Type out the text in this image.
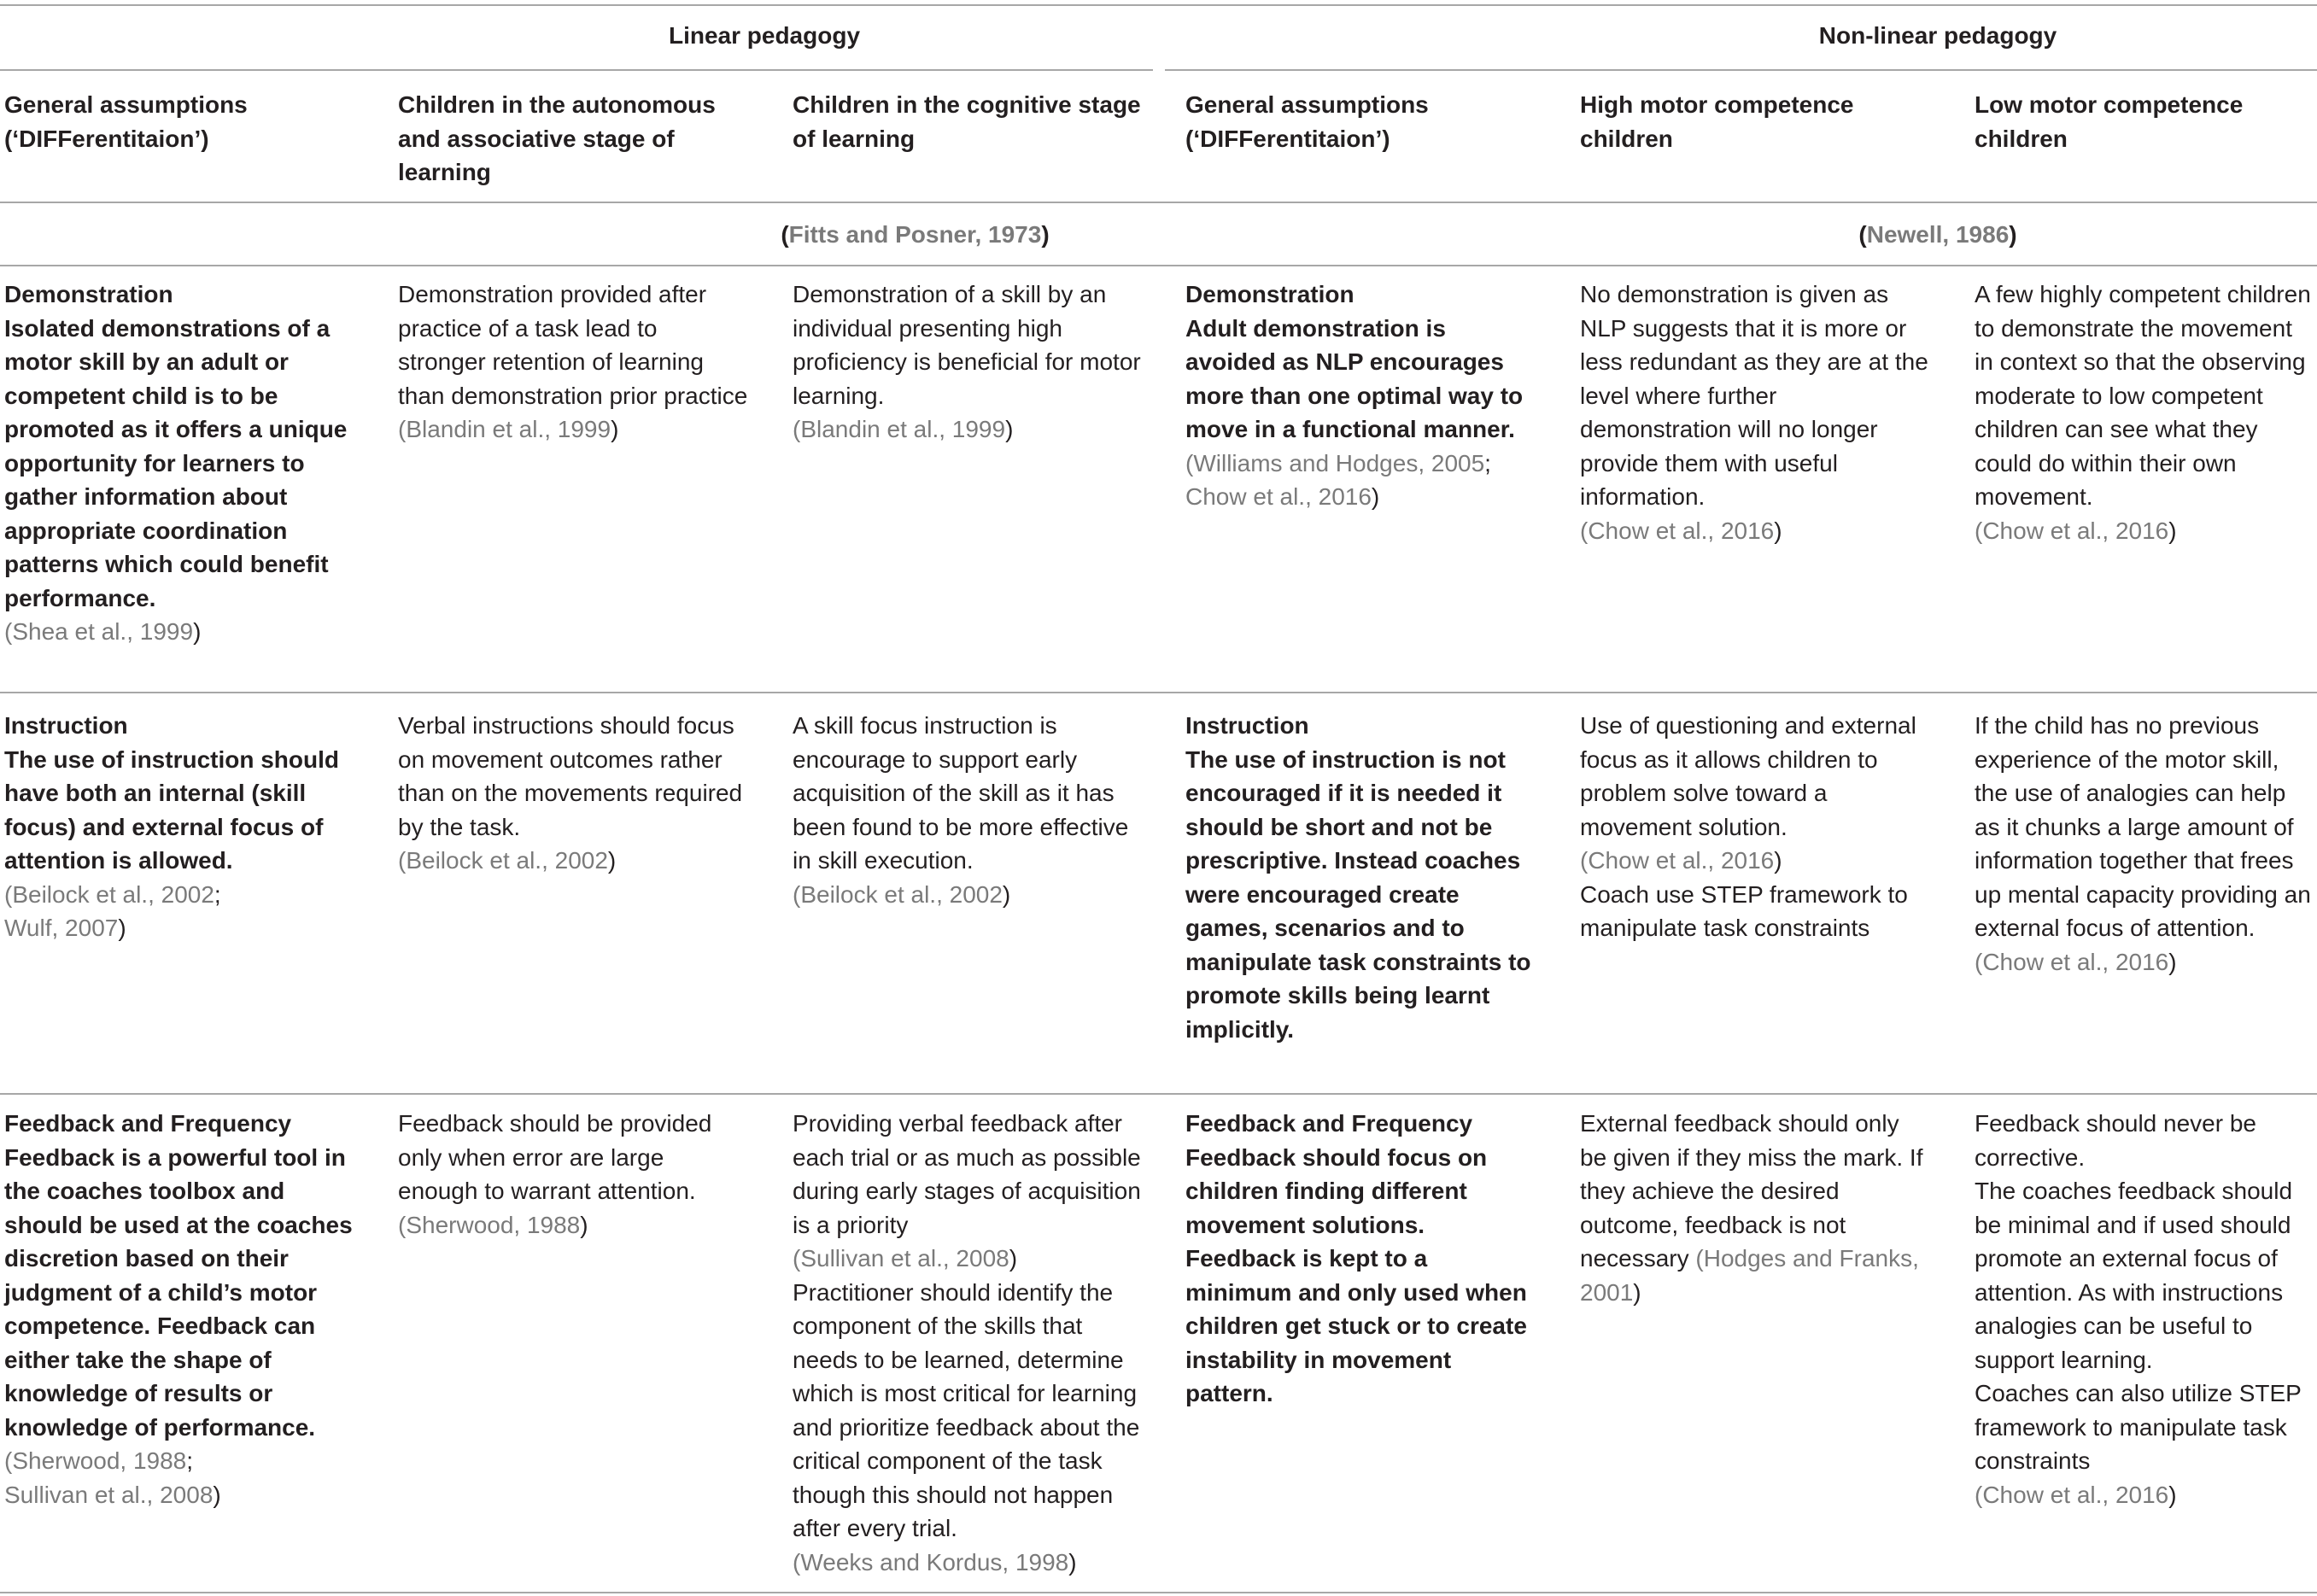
Linear pedagogy	Non-linear pedagogy
General assumptions (‘DIFFerentitaion’)
Children in the autonomous and associative stage of learning
Children in the cognitive stage of learning
General assumptions (‘DIFFerentitaion’)
High motor competence children
Low motor competence children
(Fitts and Posner, 1973)	(Newell, 1986)
Demonstration
Isolated demonstrations of a motor skill by an adult or competent child is to be promoted as it offers a unique opportunity for learners to gather information about appropriate coordination patterns which could benefit performance.
(Shea et al., 1999)
Demonstration provided after practice of a task lead to stronger retention of learning than demonstration prior practice
(Blandin et al., 1999)
Demonstration of a skill by an individual presenting high proficiency is beneficial for motor learning.
(Blandin et al., 1999)
Demonstration
Adult demonstration is avoided as NLP encourages more than one optimal way to move in a functional manner.
(Williams and Hodges, 2005;
Chow et al., 2016)
No demonstration is given as NLP suggests that it is more or less redundant as they are at the level where further demonstration will no longer provide them with useful information.
(Chow et al., 2016)
A few highly competent children to demonstrate the movement in context so that the observing moderate to low competent children can see what they could do within their own movement.
(Chow et al., 2016)
Instruction
The use of instruction should have both an internal (skill focus) and external focus of attention is allowed.
(Beilock et al., 2002;
Wulf, 2007)
Verbal instructions should focus on movement outcomes rather than on the movements required by the task.
(Beilock et al., 2002)
A skill focus instruction is encourage to support early acquisition of the skill as it has been found to be more effective in skill execution.
(Beilock et al., 2002)
Instruction
The use of instruction is not encouraged if it is needed it should be short and not be prescriptive. Instead coaches were encouraged create games, scenarios and to manipulate task constraints to promote skills being learnt implicitly.
Use of questioning and external focus as it allows children to problem solve toward a movement solution.
(Chow et al., 2016)
Coach use STEP framework to manipulate task constraints
If the child has no previous experience of the motor skill, the use of analogies can help as it chunks a large amount of information together that frees up mental capacity providing an external focus of attention.
(Chow et al., 2016)
Feedback and Frequency
Feedback is a powerful tool in the coaches toolbox and should be used at the coaches discretion based on their judgment of a child’s motor competence. Feedback can either take the shape of knowledge of results or knowledge of performance.
(Sherwood, 1988;
Sullivan et al., 2008)
Feedback should be provided only when error are large enough to warrant attention.
(Sherwood, 1988)
Providing verbal feedback after each trial or as much as possible during early stages of acquisition is a priority
(Sullivan et al., 2008)
Practitioner should identify the component of the skills that needs to be learned, determine which is most critical for learning and prioritize feedback about the critical component of the task though this should not happen after every trial.
(Weeks and Kordus, 1998)
Feedback and Frequency
Feedback should focus on children finding different movement solutions. Feedback is kept to a minimum and only used when children get stuck or to create instability in movement pattern.
External feedback should only be given if they miss the mark. If they achieve the desired outcome, feedback is not necessary (Hodges and Franks, 2001)
Feedback should never be corrective.
The coaches feedback should be minimal and if used should promote an external focus of attention. As with instructions analogies can be useful to support learning.
Coaches can also utilize STEP framework to manipulate task constraints
(Chow et al., 2016)
